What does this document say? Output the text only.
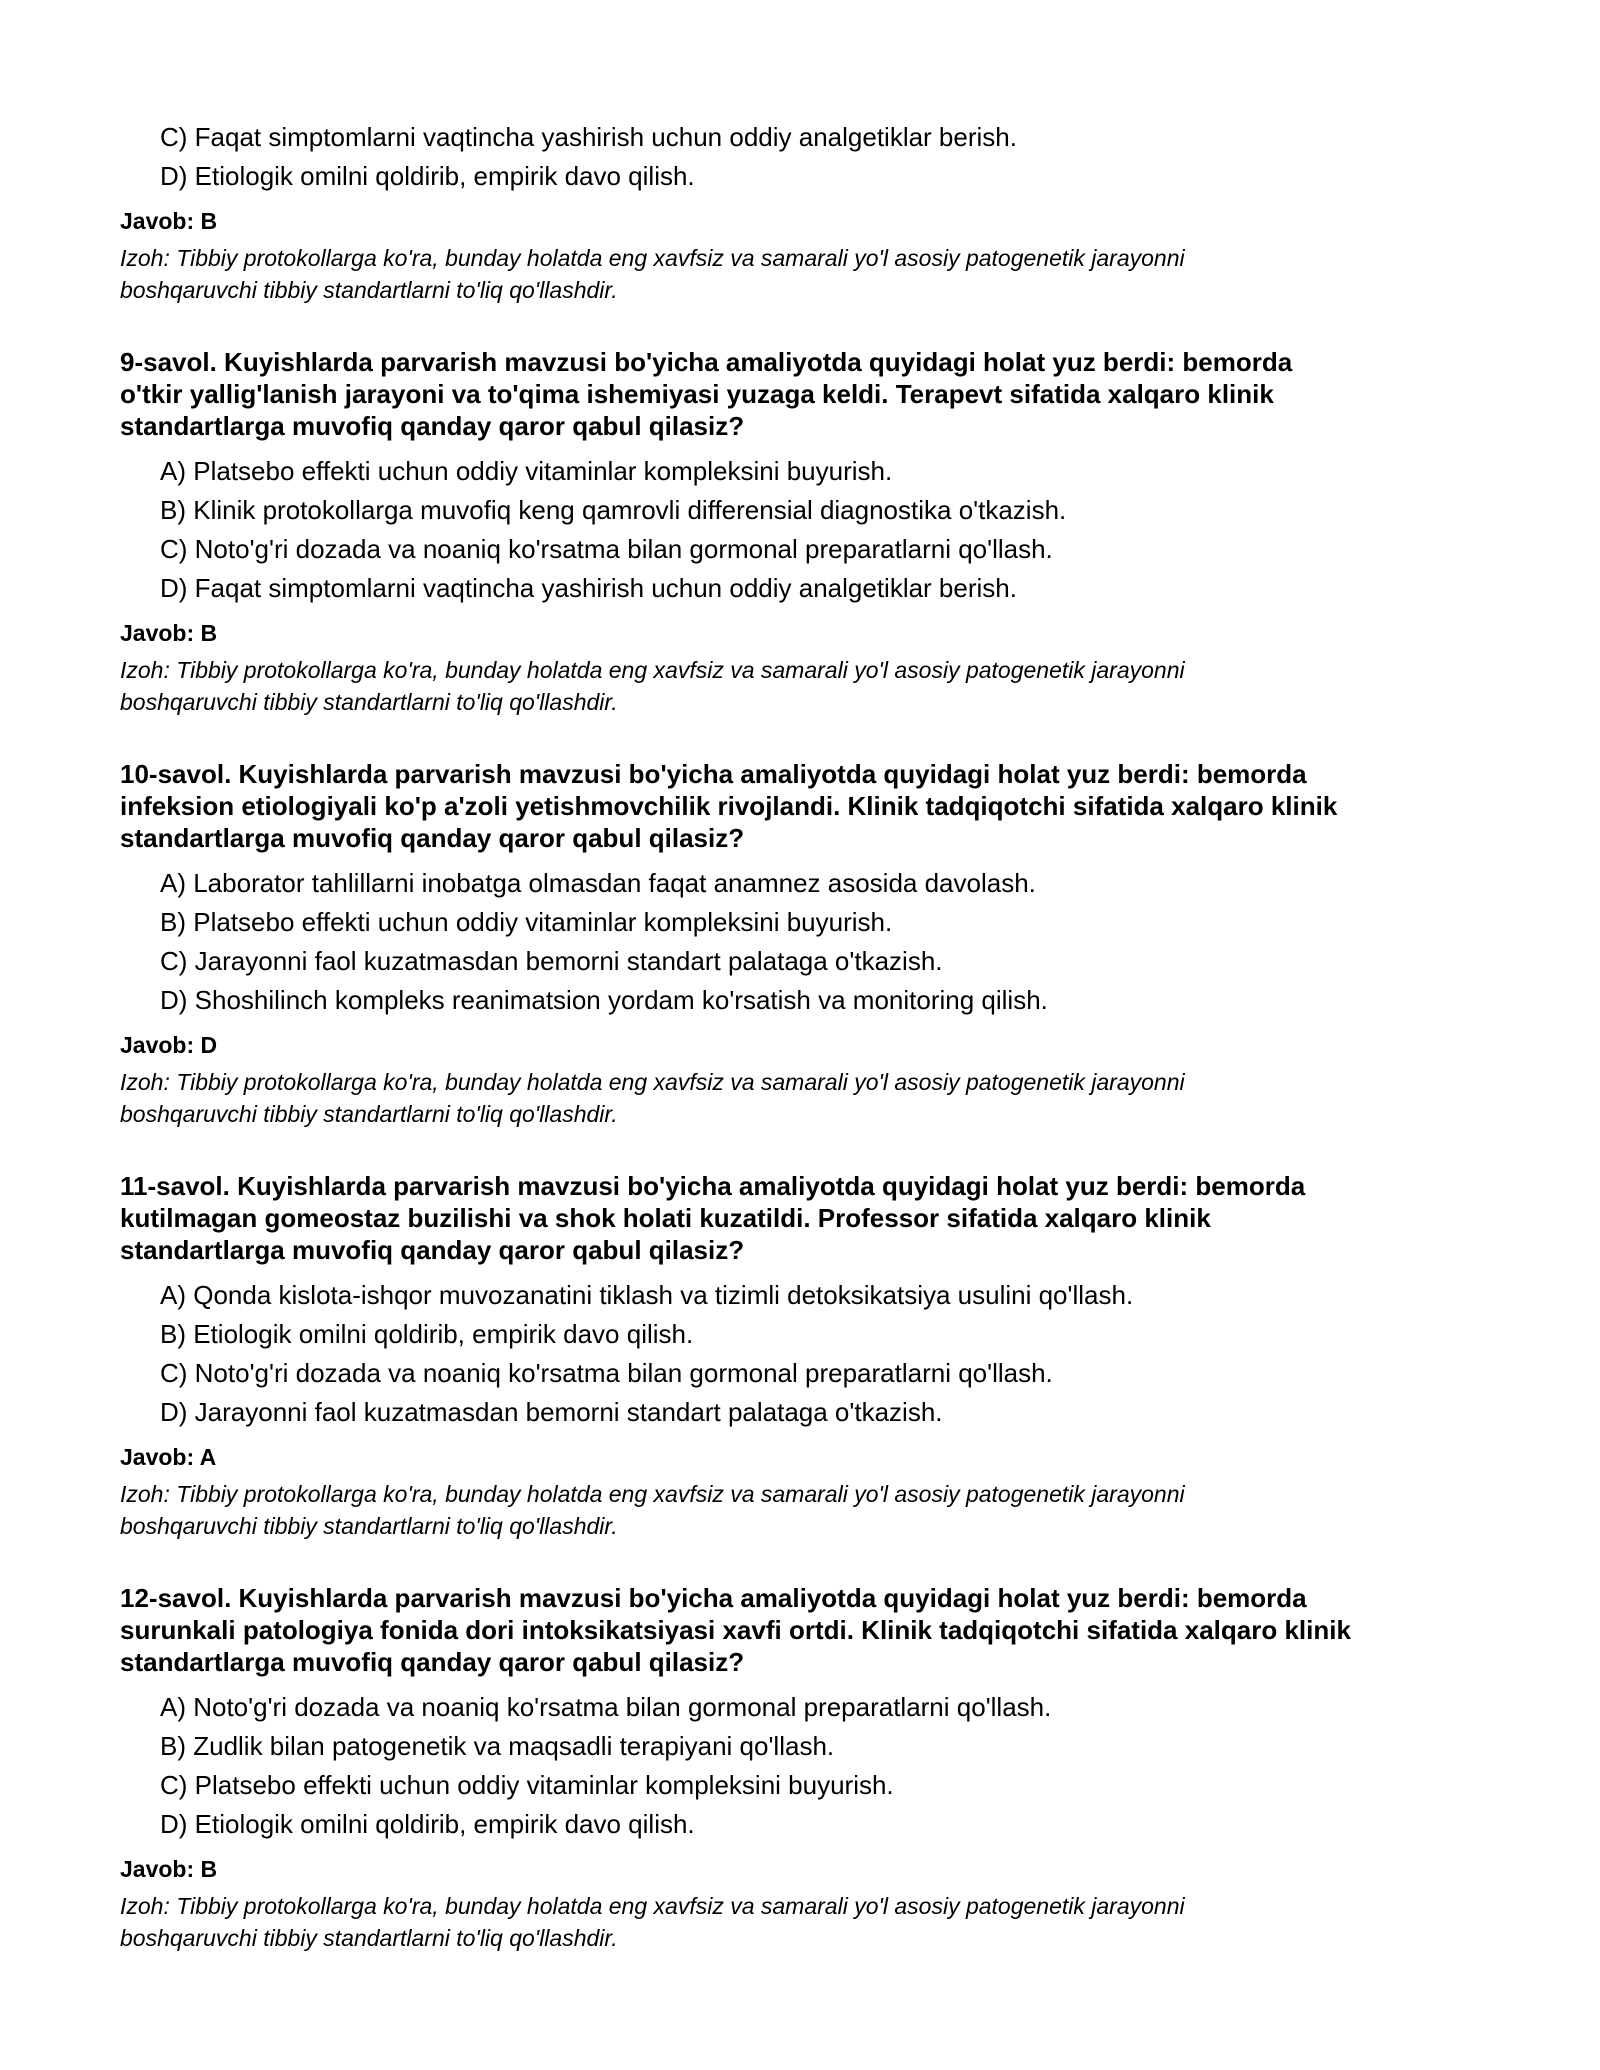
C) Faqat simptomlarni vaqtincha yashirish uchun oddiy analgetiklar berish.
D) Etiologik omilni qoldirib, empirik davo qilish.
Javob: B
Izoh: Tibbiy protokollarga ko'ra, bunday holatda eng xavfsiz va samarali yo'l asosiy patogenetik jarayonni
boshqaruvchi tibbiy standartlarni to'liq qo'llashdir.
9-savol. Kuyishlarda parvarish mavzusi bo'yicha amaliyotda quyidagi holat yuz berdi: bemorda
o'tkir yallig'lanish jarayoni va to'qima ishemiyasi yuzaga keldi. Terapevt sifatida xalqaro klinik
standartlarga muvofiq qanday qaror qabul qilasiz?
A) Platsebo effekti uchun oddiy vitaminlar kompleksini buyurish.
B) Klinik protokollarga muvofiq keng qamrovli differensial diagnostika o'tkazish.
C) Noto'g'ri dozada va noaniq ko'rsatma bilan gormonal preparatlarni qo'llash.
D) Faqat simptomlarni vaqtincha yashirish uchun oddiy analgetiklar berish.
Javob: B
Izoh: Tibbiy protokollarga ko'ra, bunday holatda eng xavfsiz va samarali yo'l asosiy patogenetik jarayonni
boshqaruvchi tibbiy standartlarni to'liq qo'llashdir.
10-savol. Kuyishlarda parvarish mavzusi bo'yicha amaliyotda quyidagi holat yuz berdi: bemorda
infeksion etiologiyali ko'p a'zoli yetishmovchilik rivojlandi. Klinik tadqiqotchi sifatida xalqaro klinik
standartlarga muvofiq qanday qaror qabul qilasiz?
A) Laborator tahlillarni inobatga olmasdan faqat anamnez asosida davolash.
B) Platsebo effekti uchun oddiy vitaminlar kompleksini buyurish.
C) Jarayonni faol kuzatmasdan bemorni standart palataga o'tkazish.
D) Shoshilinch kompleks reanimatsion yordam ko'rsatish va monitoring qilish.
Javob: D
Izoh: Tibbiy protokollarga ko'ra, bunday holatda eng xavfsiz va samarali yo'l asosiy patogenetik jarayonni
boshqaruvchi tibbiy standartlarni to'liq qo'llashdir.
11-savol. Kuyishlarda parvarish mavzusi bo'yicha amaliyotda quyidagi holat yuz berdi: bemorda
kutilmagan gomeostaz buzilishi va shok holati kuzatildi. Professor sifatida xalqaro klinik
standartlarga muvofiq qanday qaror qabul qilasiz?
A) Qonda kislota-ishqor muvozanatini tiklash va tizimli detoksikatsiya usulini qo'llash.
B) Etiologik omilni qoldirib, empirik davo qilish.
C) Noto'g'ri dozada va noaniq ko'rsatma bilan gormonal preparatlarni qo'llash.
D) Jarayonni faol kuzatmasdan bemorni standart palataga o'tkazish.
Javob: A
Izoh: Tibbiy protokollarga ko'ra, bunday holatda eng xavfsiz va samarali yo'l asosiy patogenetik jarayonni
boshqaruvchi tibbiy standartlarni to'liq qo'llashdir.
12-savol. Kuyishlarda parvarish mavzusi bo'yicha amaliyotda quyidagi holat yuz berdi: bemorda
surunkali patologiya fonida dori intoksikatsiyasi xavfi ortdi. Klinik tadqiqotchi sifatida xalqaro klinik
standartlarga muvofiq qanday qaror qabul qilasiz?
A) Noto'g'ri dozada va noaniq ko'rsatma bilan gormonal preparatlarni qo'llash.
B) Zudlik bilan patogenetik va maqsadli terapiyani qo'llash.
C) Platsebo effekti uchun oddiy vitaminlar kompleksini buyurish.
D) Etiologik omilni qoldirib, empirik davo qilish.
Javob: B
Izoh: Tibbiy protokollarga ko'ra, bunday holatda eng xavfsiz va samarali yo'l asosiy patogenetik jarayonni
boshqaruvchi tibbiy standartlarni to'liq qo'llashdir.
